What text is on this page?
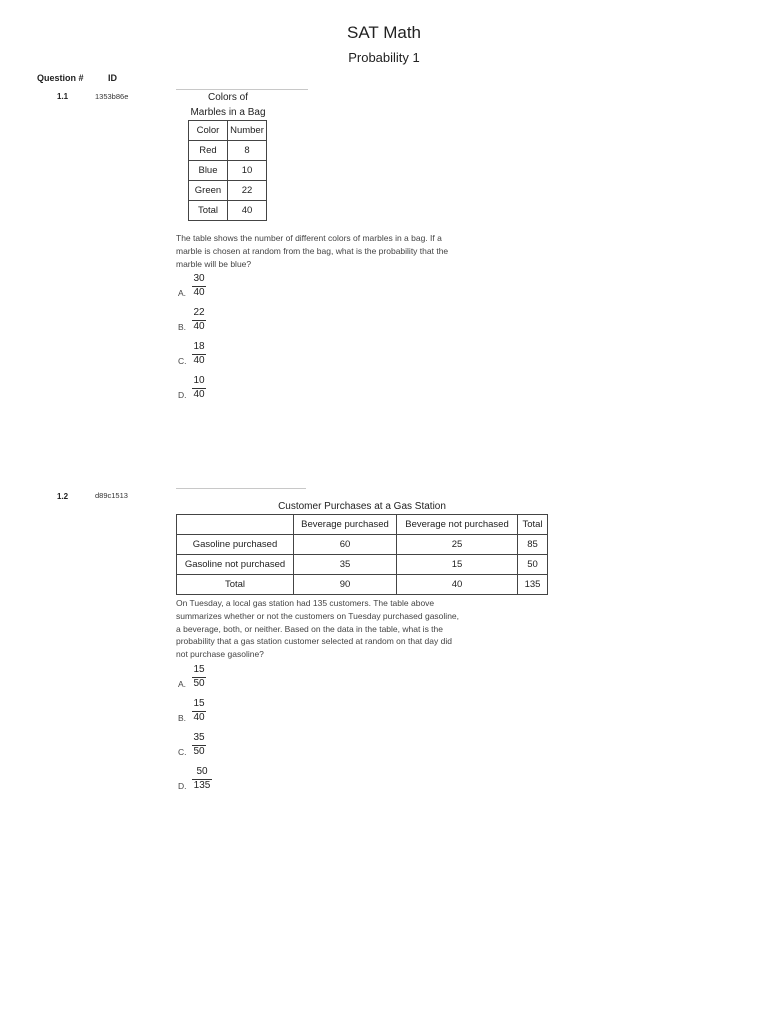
SAT Math
Probability 1
Question #	ID
1.1	1353b86e	Colors of
Marbles in a Bag
Color	Number
Red	8
Blue	10
Green	22
Total	40
The table shows the number of different colors of marbles in a bag. If a
marble is chosen at random from the bag, what is the probability that the
marble will be blue?
A.
30
40
B.
22
40
C.
18
40
D.
10
40
1.2	d89c1513
Customer Purchases at a Gas Station
	Beverage purchased	Beverage not purchased	Total
Gasoline purchased	60	25	85
Gasoline not purchased	35	15	50
Total	90	40	135
On Tuesday, a local gas station had 135 customers. The table above
summarizes whether or not the customers on Tuesday purchased gasoline,
a beverage, both, or neither. Based on the data in the table, what is the
probability that a gas station customer selected at random on that day did
not purchase gasoline?
A.
15
50
B.
15
40
C.
35
50
D.
50
135
